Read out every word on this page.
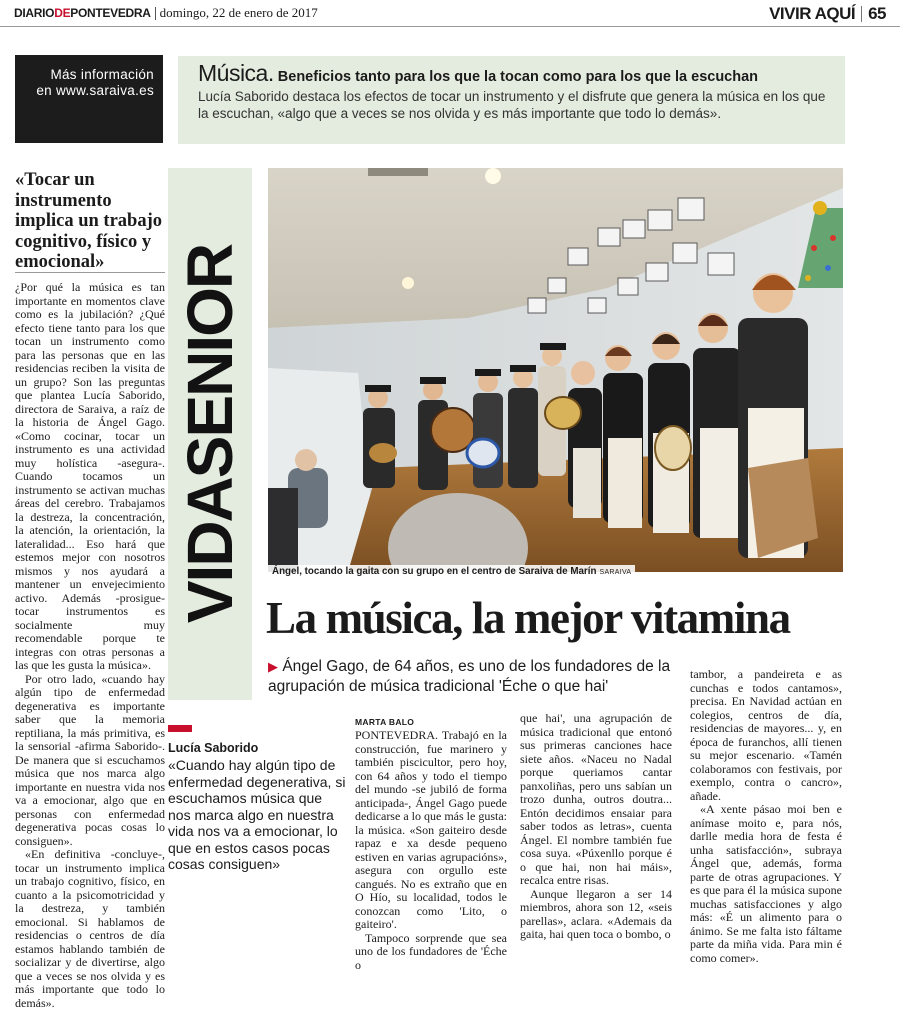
DIARIODEPONTEVEDRA domingo, 22 de enero de 2017	VIVIR AQUÍ 65
Más información
en www.saraiva.es
Música. Beneficios tanto para los que la tocan como para los que la escuchan
Lucía Saborido destaca los efectos de tocar un instrumento y el disfrute que genera la música en los que la escuchan, «algo que a veces se nos olvida y es más importante que todo lo demás».
«Tocar un instrumento implica un trabajo cognitivo, físico y emocional»

¿Por qué la música es tan importante en momentos clave como es la jubilación? ¿Qué efecto tiene tanto para los que tocan un instrumento como para las personas que en las residencias reciben la visita de un grupo? Son las preguntas que plantea Lucía Saborido, directora de Saraiva, a raíz de la historia de Ángel Gago. «Como cocinar, tocar un instrumento es una actividad muy holística -asegura-. Cuando tocamos un instrumento se activan muchas áreas del cerebro. Trabajamos la destreza, la concentración, la atención, la orientación, la lateralidad... Eso hará que estemos mejor con nosotros mismos y nos ayudará a mantener un envejecimiento activo. Además -prosigue- tocar instrumentos es socialmente muy recomendable porque te integras con otras personas a las que les gusta la música».

Por otro lado, «cuando hay algún tipo de enfermedad degenerativa es importante saber que la memoria reptiliana, la más primitiva, es la sensorial -afirma Saborido-. De manera que si escuchamos música que nos marca algo importante en nuestra vida nos va a emocionar, algo que en personas con enfermedad degenerativa pocas cosas lo consiguen».

«En definitiva -concluye-, tocar un instrumento implica un trabajo cognitivo, físico, en cuanto a la psicomotricidad y la destreza, y también emocional. Si hablamos de residencias o centros de día estamos hablando también de socializar y de divertirse, algo que a veces se nos olvida y es más importante que todo lo demás».

VIDASENIOR	Ángel, tocando la gaita con su grupo en el centro de Saraiva de Marín SARAIVA
La música, la mejor vitamina
▶ Ángel Gago, de 64 años, es uno de los fundadores de la agrupación de música tradicional 'Éche o que hai'
Lucía Saborido
«Cuando hay algún tipo de enfermedad degenerativa, si escuchamos música que nos marca algo en nuestra vida nos va a emocionar, lo que en estos casos pocas cosas consiguen»
MARTA BALO

PONTEVEDRA. Trabajó en la construcción, fue marinero y también piscicultor, pero hoy, con 64 años y todo el tiempo del mundo -se jubiló de forma anticipada-, Ángel Gago puede dedicarse a lo que más le gusta: la música. «Son gaiteiro desde rapaz e xa desde pequeno estiven en varias agrupacións», asegura con orgullo este cangués. No es extraño que en O Hío, su localidad, todos le conozcan como 'Lito, o gaiteiro'.

Tampoco sorprende que sea uno de los fundadores de 'Éche o

que hai', una agrupación de música tradicional que entonó sus primeras canciones hace siete años. «Naceu no Nadal porque queriamos cantar panxoliñas, pero uns sabían un trozo dunha, outros doutra... Entón decidimos ensaiar para saber todos as letras», cuenta Ángel. El nombre también fue cosa suya. «Púxenllo porque é o que hai, non hai máis», recalca entre risas.

Aunque llegaron a ser 14 miembros, ahora son 12, «seis parellas», aclara. «Ademais da gaita, hai quen toca o bombo, o

tambor, a pandeireta e as cunchas e todos cantamos», precisa. En Navidad actúan en colegios, centros de día, residencias de mayores... y, en época de furanchos, allí tienen su mejor escenario. «Tamén colaboramos con festivais, por exemplo, contra o cancro», añade.

«A xente pásao moi ben e anímase moito e, para nós, darlle media hora de festa é unha satisfacción», subraya Ángel que, además, forma parte de otras agrupaciones. Y es que para él la música supone muchas satisfacciones y algo más: «É un alimento para o ánimo. Se me falta isto fáltame parte da miña vida. Para min é como comer».
